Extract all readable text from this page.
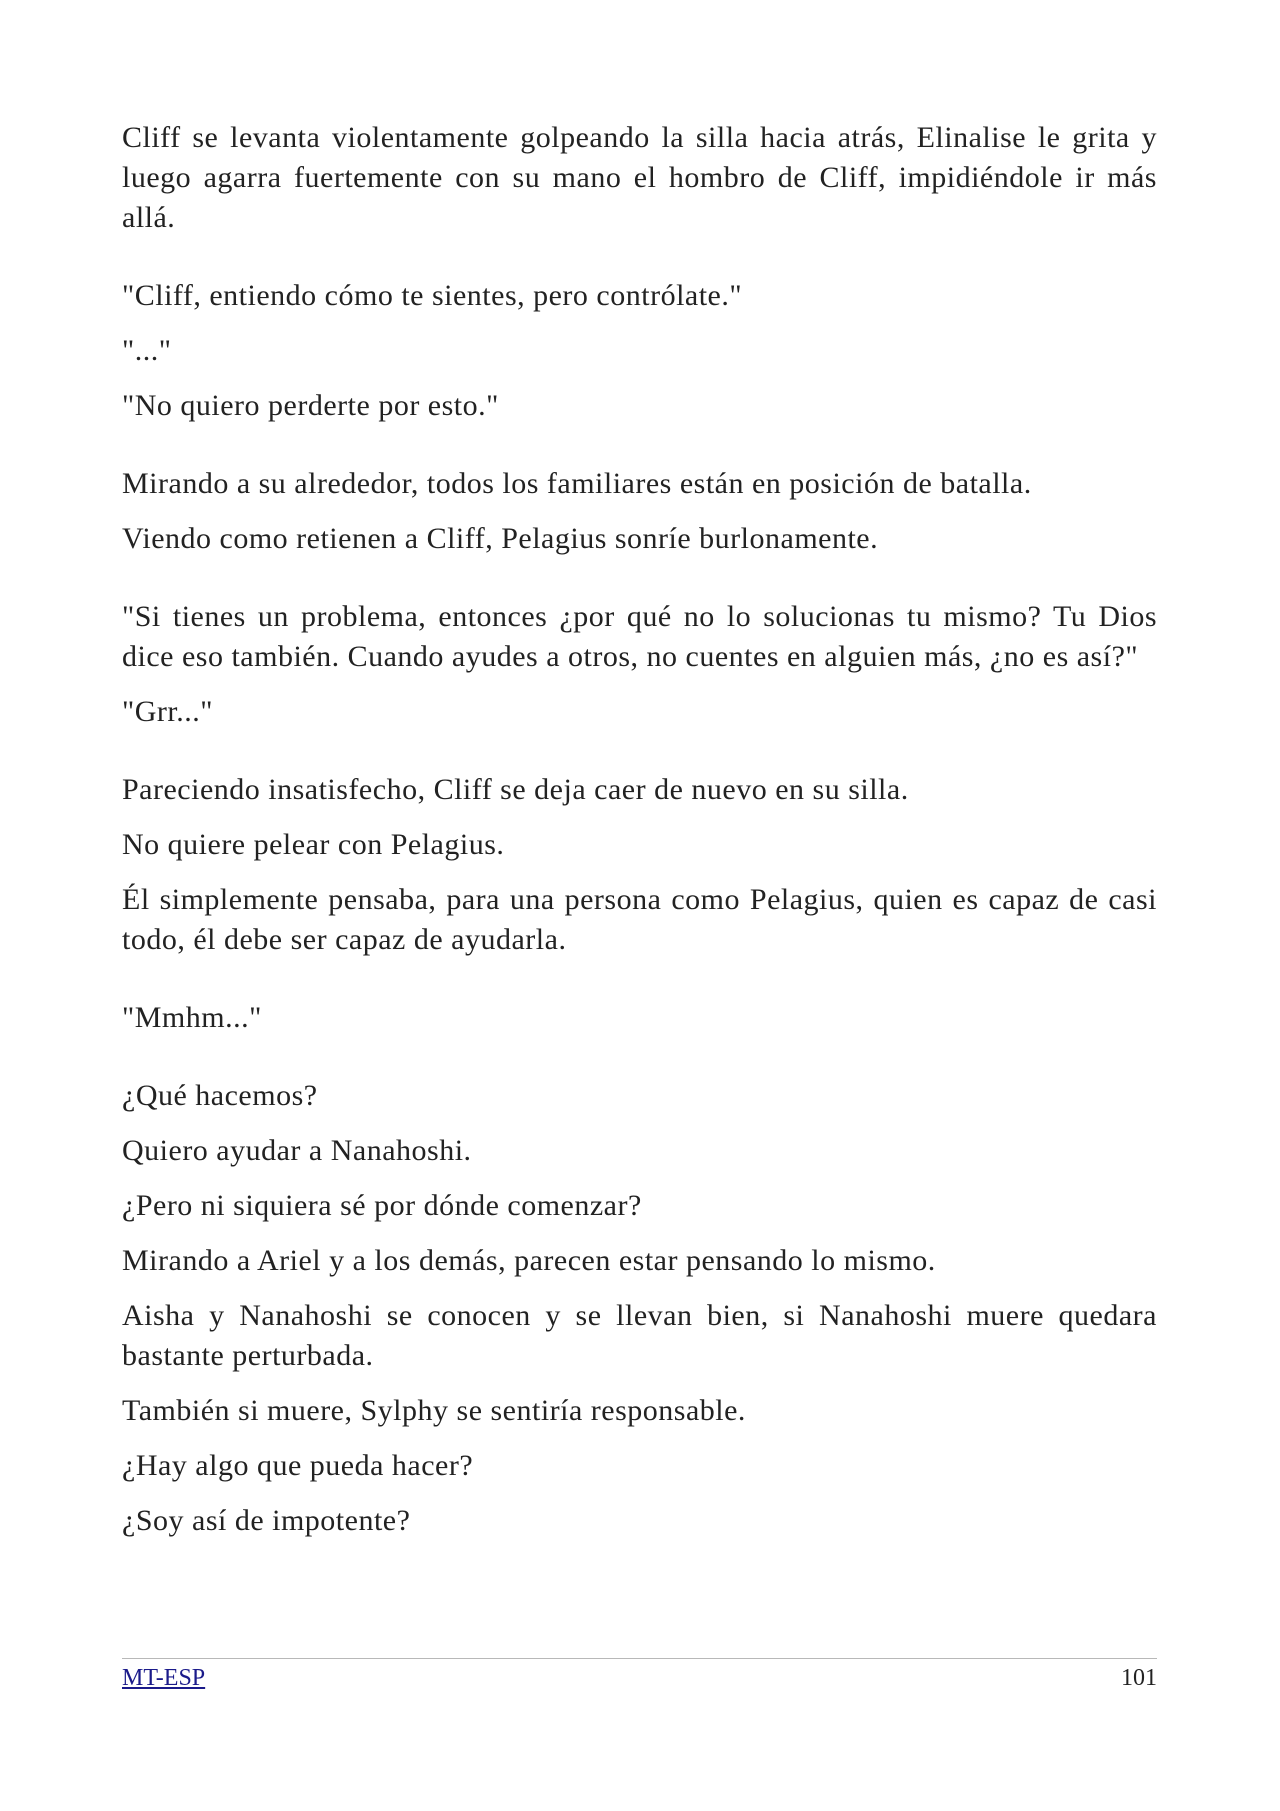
Cliff se levanta violentamente golpeando la silla hacia atrás, Elinalise le grita y luego agarra fuertemente con su mano el hombro de Cliff, impidiéndole ir más allá.

"Cliff, entiendo cómo te sientes, pero contrólate."

"..."

"No quiero perderte por esto."

Mirando a su alrededor, todos los familiares están en posición de batalla.

Viendo como retienen a Cliff, Pelagius sonríe burlonamente.

"Si tienes un problema, entonces ¿por qué no lo solucionas tu mismo? Tu Dios dice eso también. Cuando ayudes a otros, no cuentes en alguien más, ¿no es así?"

"Grr..."

Pareciendo insatisfecho, Cliff se deja caer de nuevo en su silla.

No quiere pelear con Pelagius.

Él simplemente pensaba, para una persona como Pelagius, quien es capaz de casi todo, él debe ser capaz de ayudarla.

"Mmhm..."

¿Qué hacemos?

Quiero ayudar a Nanahoshi.

¿Pero ni siquiera sé por dónde comenzar?

Mirando a Ariel y a los demás, parecen estar pensando lo mismo.

Aisha y Nanahoshi se conocen y se llevan bien, si Nanahoshi muere quedara bastante perturbada.

También si muere, Sylphy se sentiría responsable.

¿Hay algo que pueda hacer?

¿Soy así de impotente?

MT-ESP	101
